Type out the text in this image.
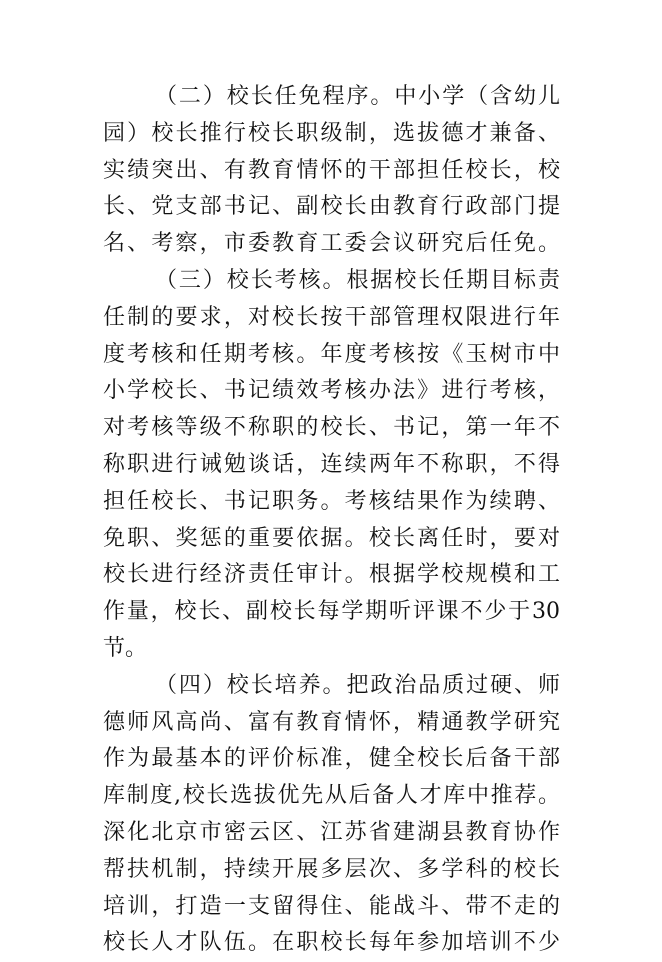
（二）校长任免程序。中小学（含幼儿
园）校长推行校长职级制，选拔德才兼备、
实绩突出、有教育情怀的干部担任校长，校
长、党支部书记、副校长由教育行政部门提
名、考察，市委教育工委会议研究后任免。
（三）校长考核。根据校长任期目标责
任制的要求，对校长按干部管理权限进行年
度考核和任期考核。年度考核按《玉树市中
小学校长、书记绩效考核办法》进行考核，
对考核等级不称职的校长、书记，第一年不
称职进行诫勉谈话，连续两年不称职，不得
担任校长、书记职务。考核结果作为续聘、
免职、奖惩的重要依据。校长离任时，要对
校长进行经济责任审计。根据学校规模和工
作量，校长、副校长每学期听评课不少于30
节。
（四）校长培养。把政治品质过硬、师
德师风高尚、富有教育情怀，精通教学研究
作为最基本的评价标准，健全校长后备干部
库制度,校长选拔优先从后备人才库中推荐。
深化北京市密云区、江苏省建湖县教育协作
帮扶机制，持续开展多层次、多学科的校长
培训，打造一支留得住、能战斗、带不走的
校长人才队伍。在职校长每年参加培训不少
